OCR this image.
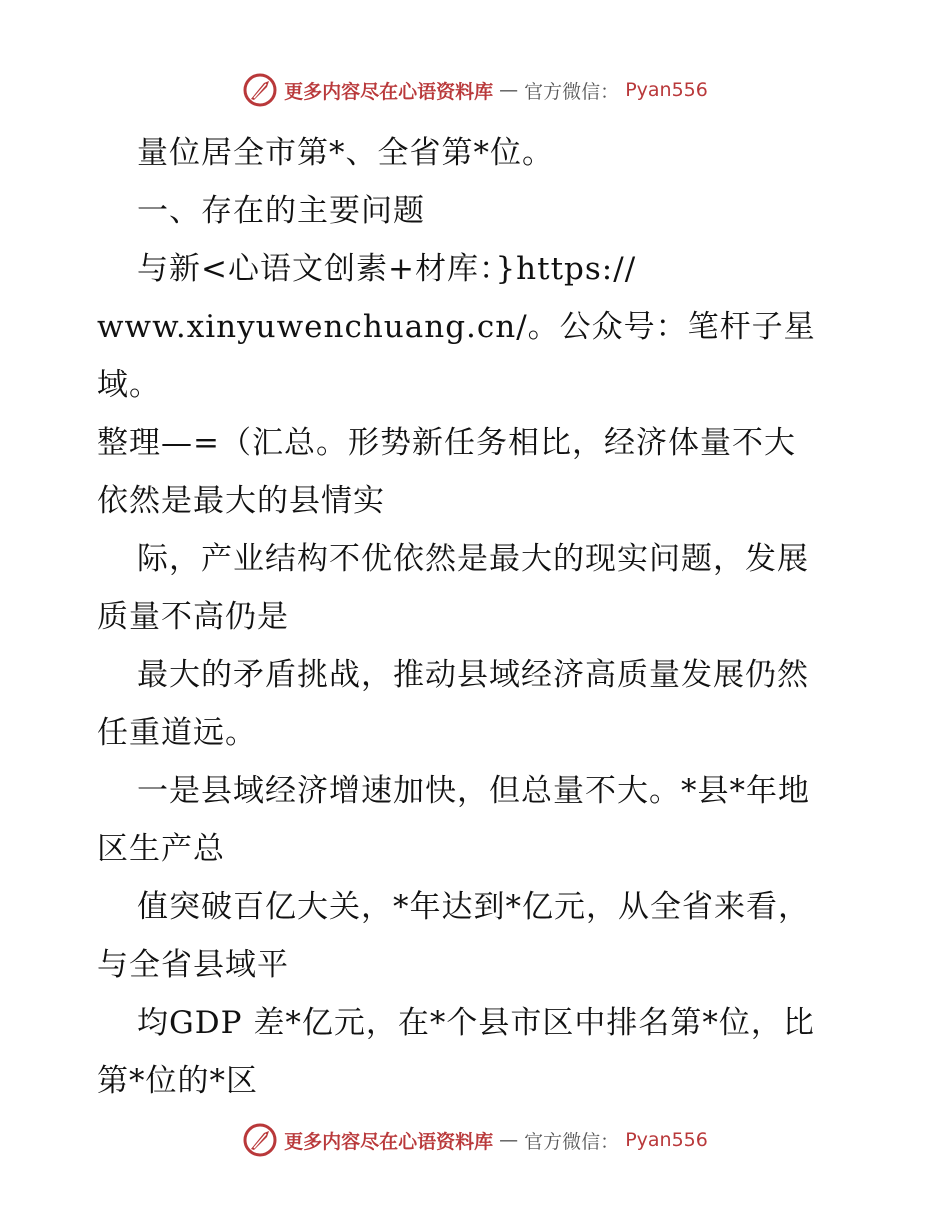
更多内容尽在心语资料库 — 官方微信： Pyan556

量位居全市第*、全省第*位。

一、存在的主要问题

与新<心语文创素+材库：}https://

www.xinyuwenchuang.cn/。公众号：笔杆子星域。

整理—=（汇总。形势新任务相比，经济体量不大

依然是最大的县情实

际，产业结构不优依然是最大的现实问题，发展

质量不高仍是

最大的矛盾挑战，推动县域经济高质量发展仍然

任重道远。

一是县域经济增速加快，但总量不大。*县*年地

区生产总

值突破百亿大关，*年达到*亿元，从全省来看，

与全省县域平

均GDP 差*亿元，在*个县市区中排名第*位，比

第*位的*区

更多内容尽在心语资料库 — 官方微信： Pyan556
